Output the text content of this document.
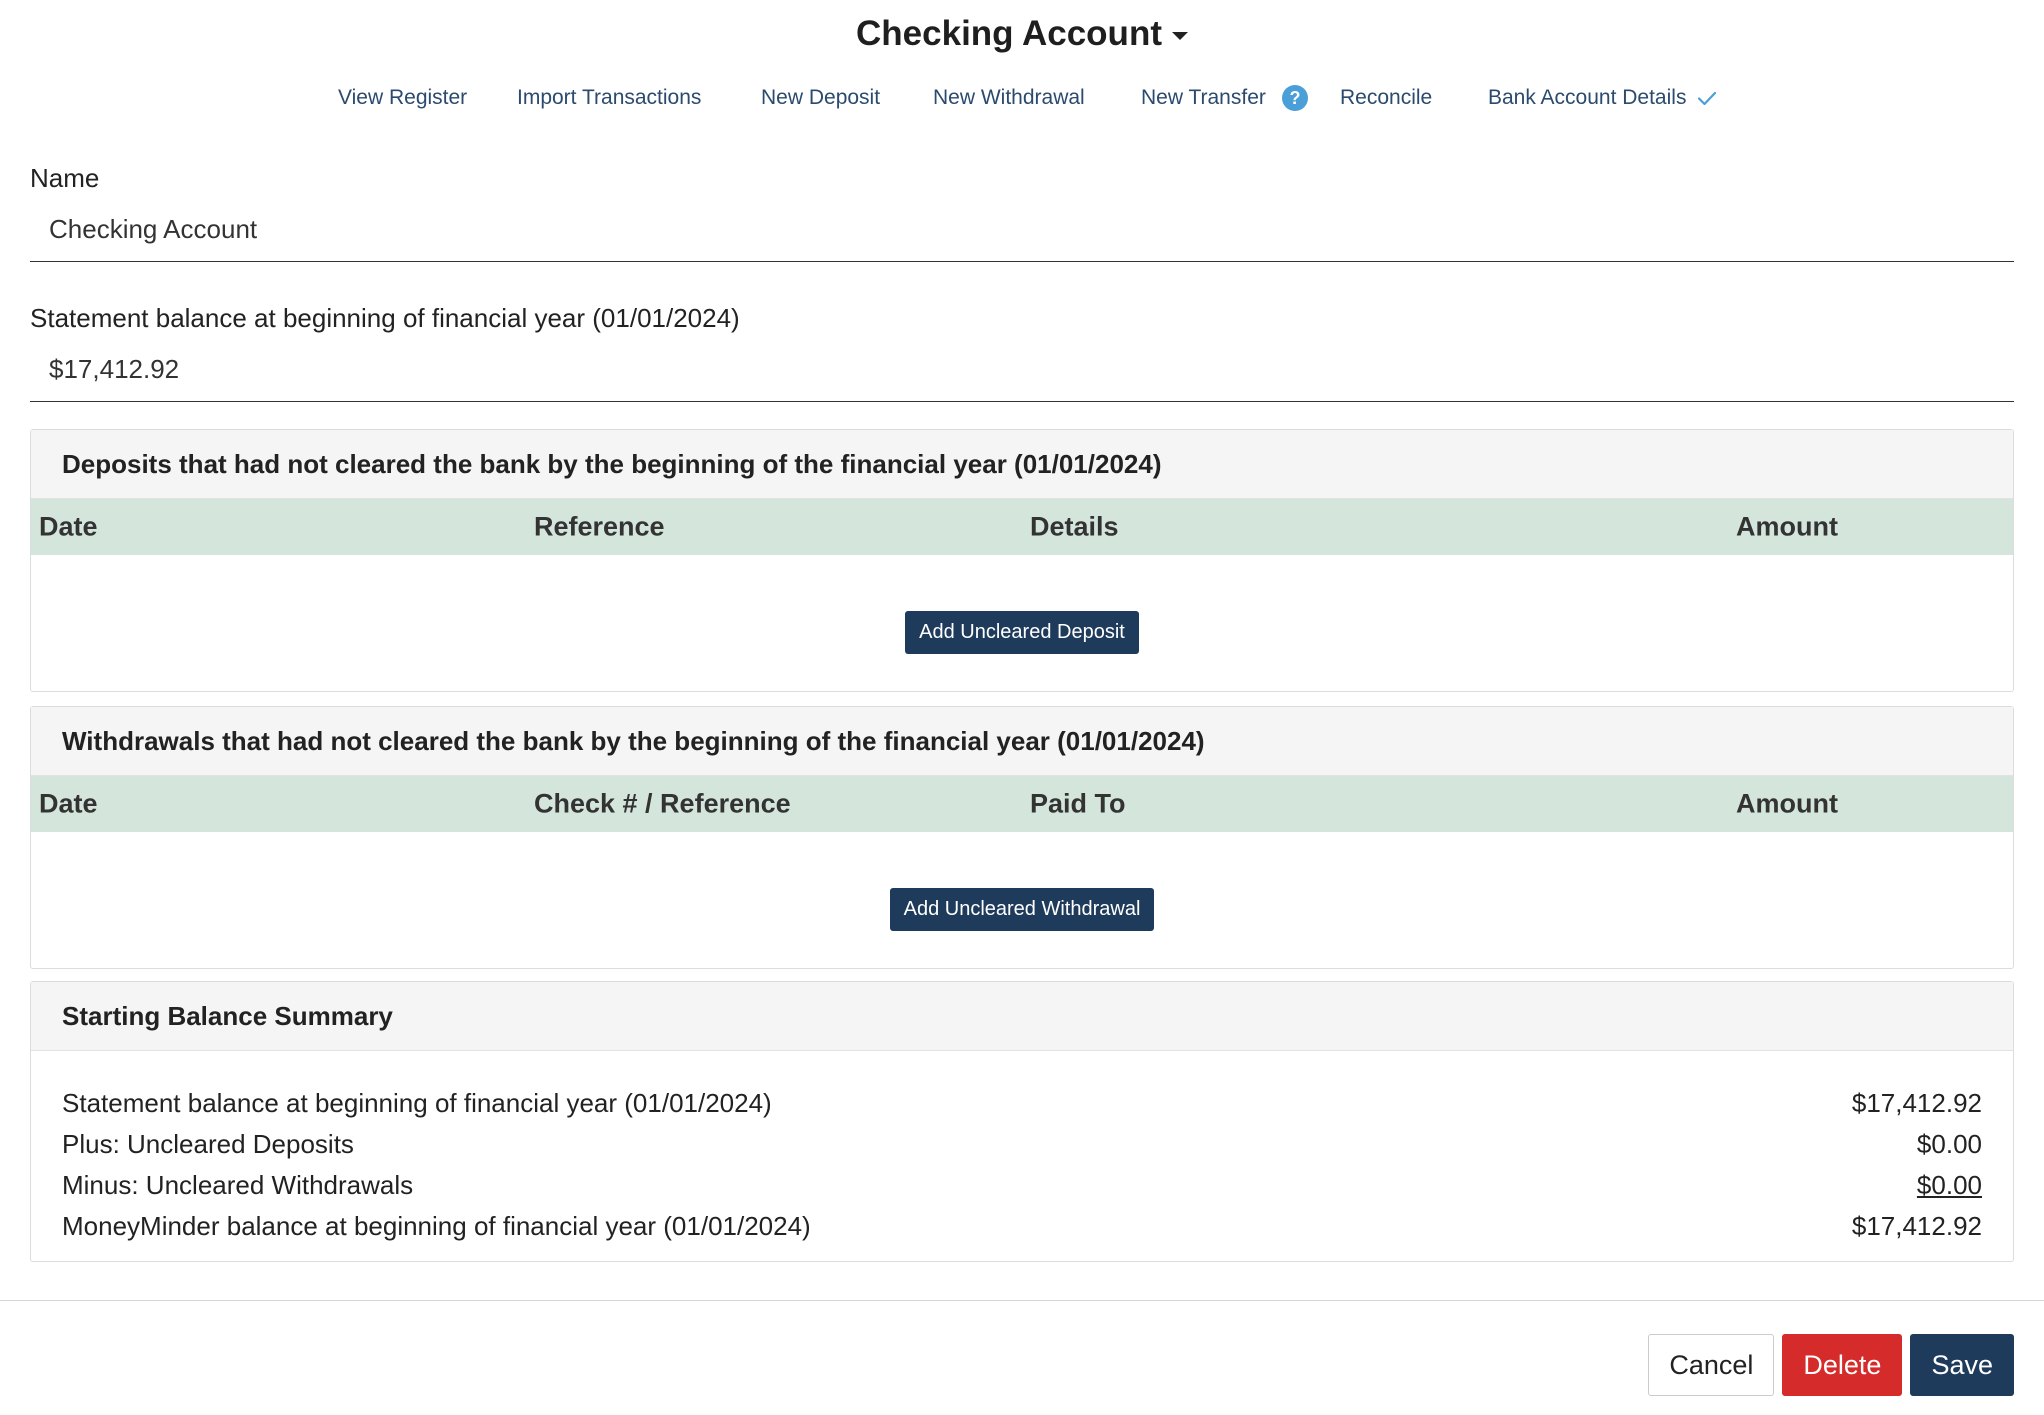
Checking Account
View Register Import Transactions	New Deposit	New Withdrawal	New Transfer	?	Reconcile	Bank Account Details

Name

Checking Account

Statement balance at beginning of financial year (01/01/2024)

$17,412.92
Deposits that had not cleared the bank by the beginning of the financial year (01/01/2024)
Date	Reference	Details	Amount
Add Uncleared Deposit
Withdrawals that had not cleared the bank by the beginning of the financial year (01/01/2024)
Date	Check # / Reference	Paid To	Amount
Add Uncleared Withdrawal
Starting Balance Summary
Statement balance at beginning of financial year (01/01/2024)	$17,412.92
Plus: Uncleared Deposits	$0.00
Minus: Uncleared Withdrawals	$0.00
MoneyMinder balance at beginning of financial year (01/01/2024)	$17,412.92
Cancel	Delete	Save
